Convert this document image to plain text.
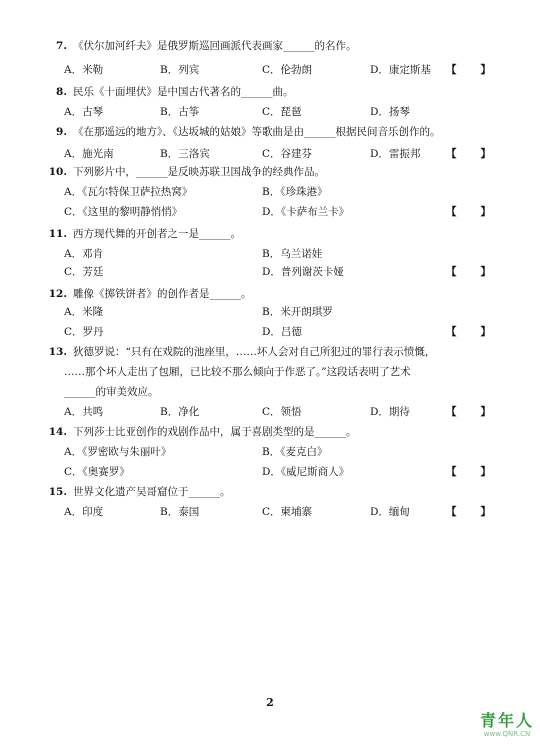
7. 《伏尔加河纤夫》是俄罗斯巡回画派代表画家______的名作。
A．米勒	B．列宾	C．伦勃朗	D．康定斯基 【　　】
8. 民乐《十面埋伏》是中国古代著名的______曲。
A．古琴	B．古筝	C．琵琶	D．扬琴
9. 《在那遥远的地方》、《达坂城的姑娘》等歌曲是由______根据民间音乐创作的。
A．施光南	B．三洛宾	C．谷建芬	D．雷振邦 【　　】
10. 下列影片中，______是反映苏联卫国战争的经典作品。
A．《瓦尔特保卫萨拉热窝》	B．《珍珠港》
C．《这里的黎明静悄悄》	D．《卡萨布兰卡》	【　　】
11. 西方现代舞的开创者之一是______。
A．邓肯	B．乌兰诺娃
C．芳廷	D．普列谢茨卡娅	【　　】
12. 雕像《掷铁饼者》的创作者是______。
A．米隆	B．米开朗琪罗
C．罗丹	D．吕德	【　　】
13. 狄德罗说：“只有在戏院的池座里，……坏人会对自己所犯过的罪行表示愤慨，
……那个坏人走出了包厢，已比较不那么倾向于作恶了。”这段话表明了艺术
______的审美效应。
A．共鸣	B．净化	C．领悟	D．期待	【　　】
14. 下列莎士比亚创作的戏剧作品中，属于喜剧类型的是______。
A．《罗密欧与朱丽叶》	B．《麦克白》
C．《奥赛罗》	D．《威尼斯商人》	【　　】
15. 世界文化遗产吴哥窟位于______。
A．印度	B．泰国	C．柬埔寨	D．缅甸	【　　】
2
青年人
www.QNR.CN
